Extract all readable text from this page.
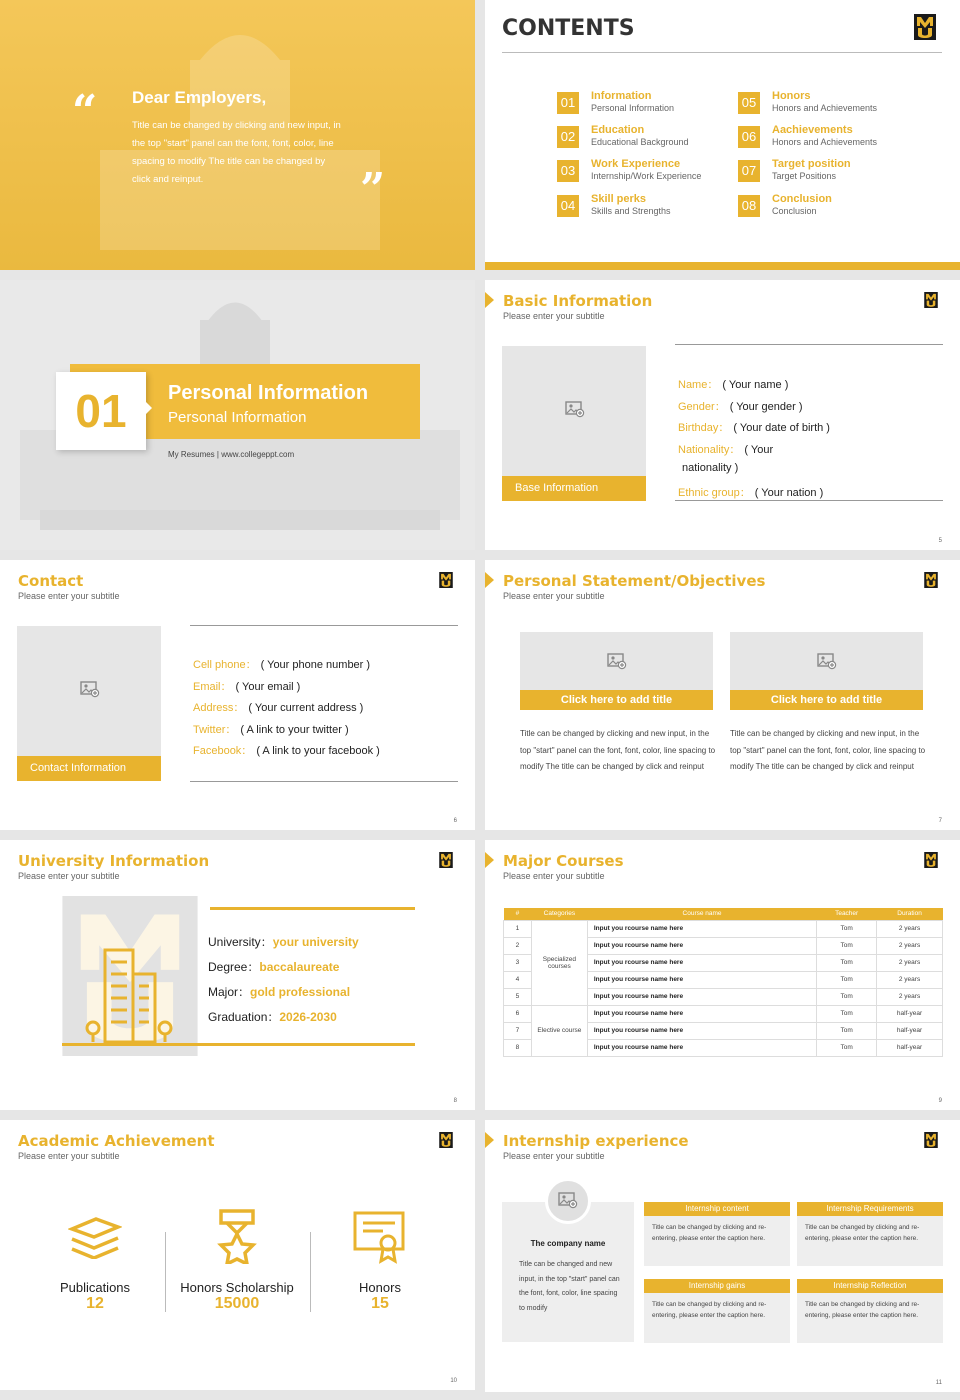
“ Dear Employers,
Title can be changed by clicking and new input, in the top "start" panel can the font, font, color, line spacing to modify The title can be changed by click and reinput.	”
CONTENTS
01	Information
Personal Information
02	Education
Educational Background
03	Work Experience
Internship/Work Experience
04	Skill perks
Skills and Strengths
05	Honors
Honors and Achievements
06	Aachievements
Honors and Achievements
07	Target position
Target Positions
08	Conclusion
Conclusion
01	Personal Information
Personal Information
My Resumes | www.collegeppt.com
Basic Information
Please enter your subtitle
Base Information
Name： ( Your name )
Gender： ( Your gender )
Birthday： ( Your date of birth )
Nationality： ( Your
nationality )
Ethnic group： ( Your nation )
5
Contact
Please enter your subtitle
Contact Information
Cell phone： ( Your phone number )
Email： ( Your email )
Address： ( Your current address )
Twitter： ( A link to your twitter )
Facebook： ( A link to your facebook )
6
Personal Statement/Objectives
Please enter your subtitle
Click here to add title
Title can be changed by clicking and new input, in the top "start" panel can the font, font, color, line spacing to modify The title can be changed by click and reinput
Click here to add title
Title can be changed by clicking and new input, in the top "start" panel can the font, font, color, line spacing to modify The title can be changed by click and reinput
7
University Information
Please enter your subtitle
University：your university
Degree：baccalaureate
Major：gold professional
Graduation：2026-2030
8
Major Courses
Please enter your subtitle
#	Categories	Course name	Teacher	Duration
1	Specialized courses	Input you rcourse name here	Tom	2 years
2		Input you rcourse name here	Tom	2 years
3		Input you rcourse name here	Tom	2 years
4		Input you rcourse name here	Tom	2 years
5		Input you rcourse name here	Tom	2 years
6	Elective course	Input you rcourse name here	Tom	half-year
7		Input you rcourse name here	Tom	half-year
8		Input you rcourse name here	Tom	half-year
9
Academic Achievement
Please enter your subtitle
Publications
12
Honors Scholarship
15000
Honors
15
10
Internship experience
Please enter your subtitle
The company name
Title can be changed and new input, in the top "start" panel can the font, font, color, line spacing to modify
Internship content
Title can be changed by clicking and re-entering, please enter the caption here.
Internship Requirements
Title can be changed by clicking and re-entering, please enter the caption here.
Internship gains
Title can be changed by clicking and re-entering, please enter the caption here.
Internship Reflection
Title can be changed by clicking and re-entering, please enter the caption here.
11
